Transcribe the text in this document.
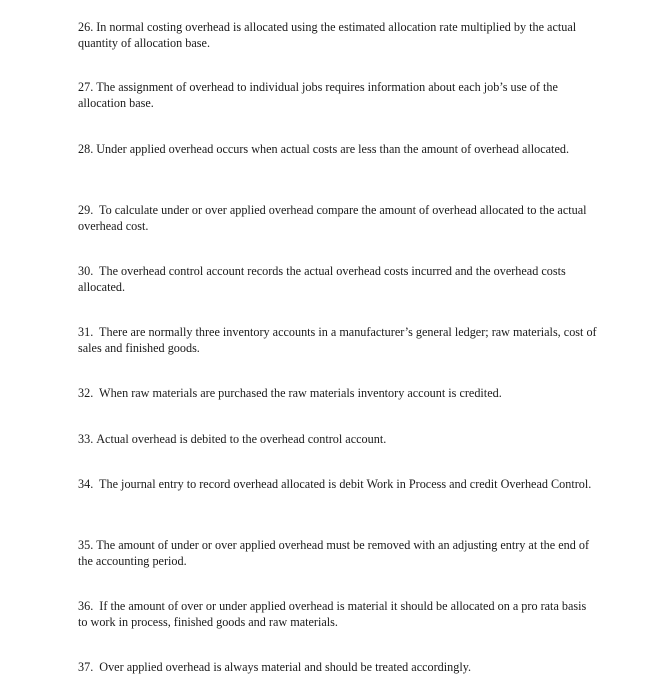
26. In normal costing overhead is allocated using the estimated allocation rate multiplied by the actual quantity of allocation base.

27. The assignment of overhead to individual jobs requires information about each job’s use of the allocation base.

28. Under applied overhead occurs when actual costs are less than the amount of overhead allocated.

29. To calculate under or over applied overhead compare the amount of overhead allocated to the actual overhead cost.

30. The overhead control account records the actual overhead costs incurred and the overhead costs allocated.

31. There are normally three inventory accounts in a manufacturer’s general ledger; raw materials, cost of sales and finished goods.

32. When raw materials are purchased the raw materials inventory account is credited.

33. Actual overhead is debited to the overhead control account.

34. The journal entry to record overhead allocated is debit Work in Process and credit Overhead Control.

35. The amount of under or over applied overhead must be removed with an adjusting entry at the end of the accounting period.

36. If the amount of over or under applied overhead is material it should be allocated on a pro rata basis to work in process, finished goods and raw materials.

37. Over applied overhead is always material and should be treated accordingly.
